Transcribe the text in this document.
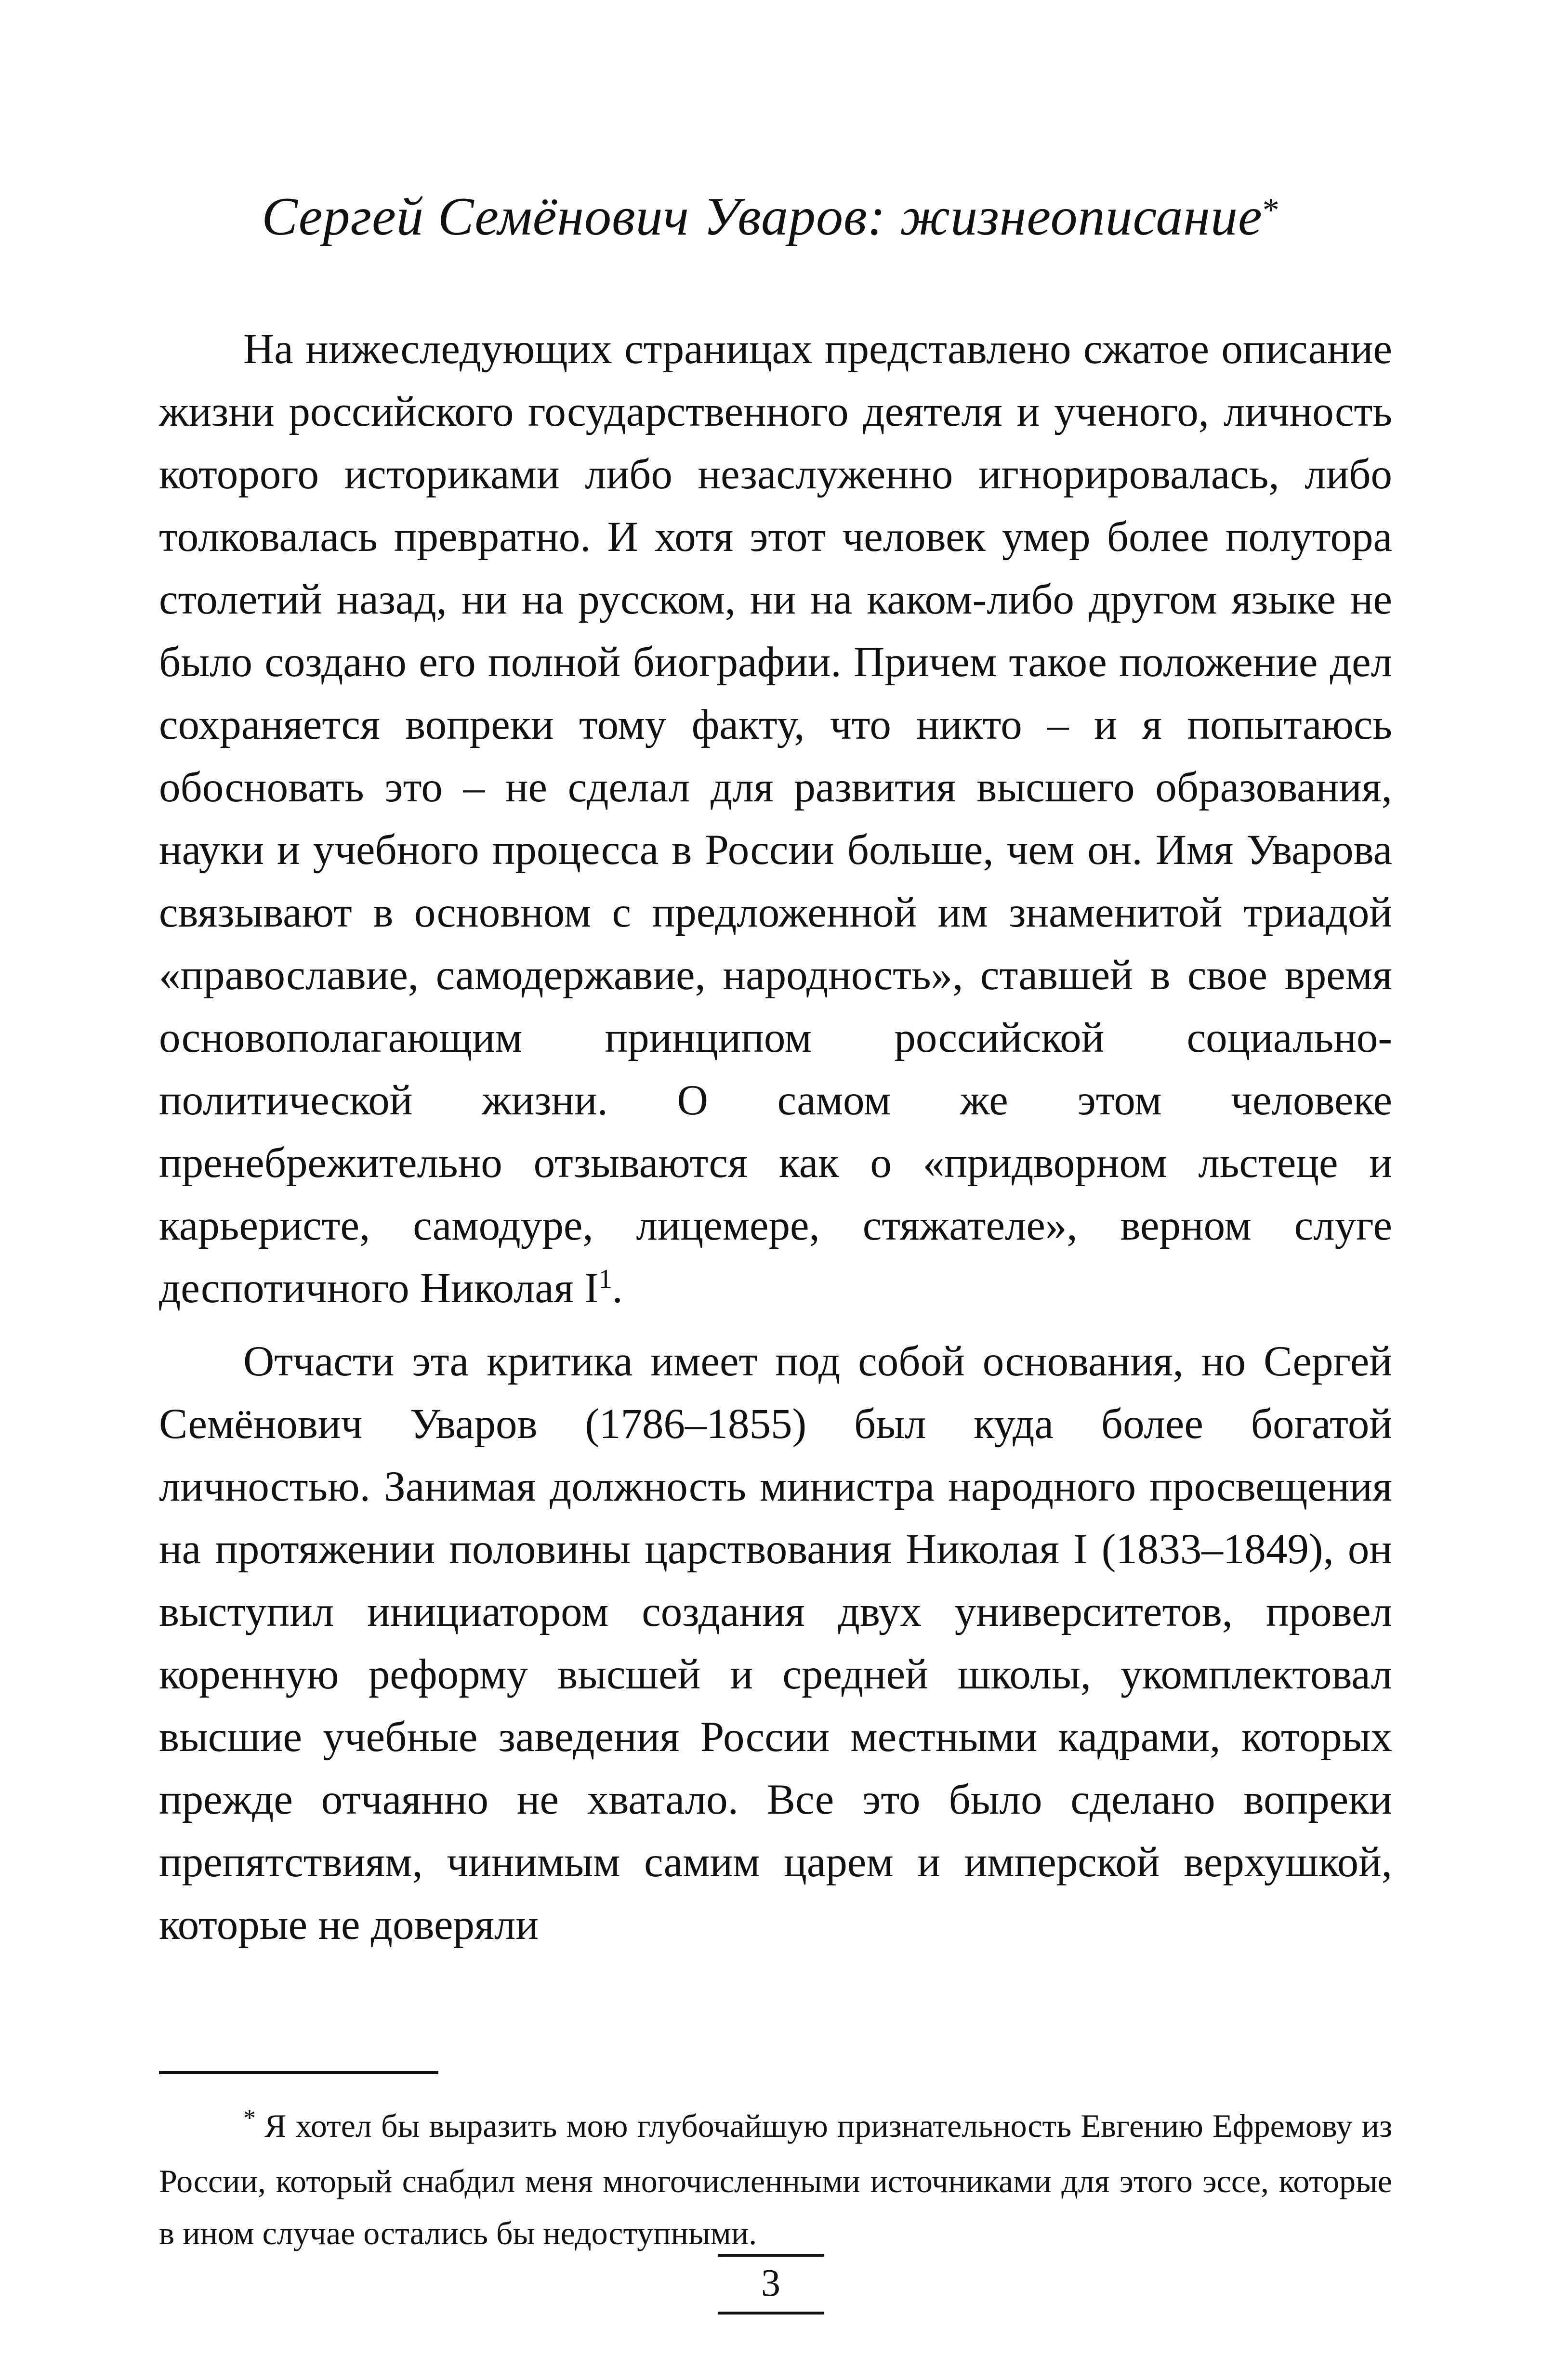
Сергей Семёнович Уваров: жизнеописание*

На нижеследующих страницах представлено сжатое описание жизни российского государственного деятеля и ученого, личность которого историками либо незаслуженно игнорировалась, либо толковалась превратно. И хотя этот человек умер более полутора столетий назад, ни на русском, ни на каком-либо другом языке не было создано его полной биографии. Причем такое положение дел сохраняется вопреки тому факту, что никто – и я попытаюсь обосновать это – не сделал для развития высшего образования, науки и учебного процесса в России больше, чем он. Имя Уварова связывают в основном с предложенной им знаменитой триадой «православие, самодержавие, народность», ставшей в свое время основополагающим принципом российской социально-политической жизни. О самом же этом человеке пренебрежительно отзываются как о «придворном льстеце и карьеристе, самодуре, лицемере, стяжателе», верном слуге деспотичного Николая $I^1$.

Отчасти эта критика имеет под собой основания, но Сергей Семёнович Уваров (1786–1855) был куда более богатой личностью. Занимая должность министра народного просвещения на протяжении половины царствования Николая I (1833–1849), он выступил инициатором создания двух университетов, провел коренную реформу высшей и средней школы, укомплектовал высшие учебные заведения России местными кадрами, которых прежде отчаянно не хватало. Все это было сделано вопреки препятствиям, чинимым самим царем и имперской верхушкой, которые не доверяли

* Я хотел бы выразить мою глубочайшую признательность Евгению Ефремову из России, который снабдил меня многочисленными источниками для этого эссе, которые в ином случае остались бы недоступными.

3
